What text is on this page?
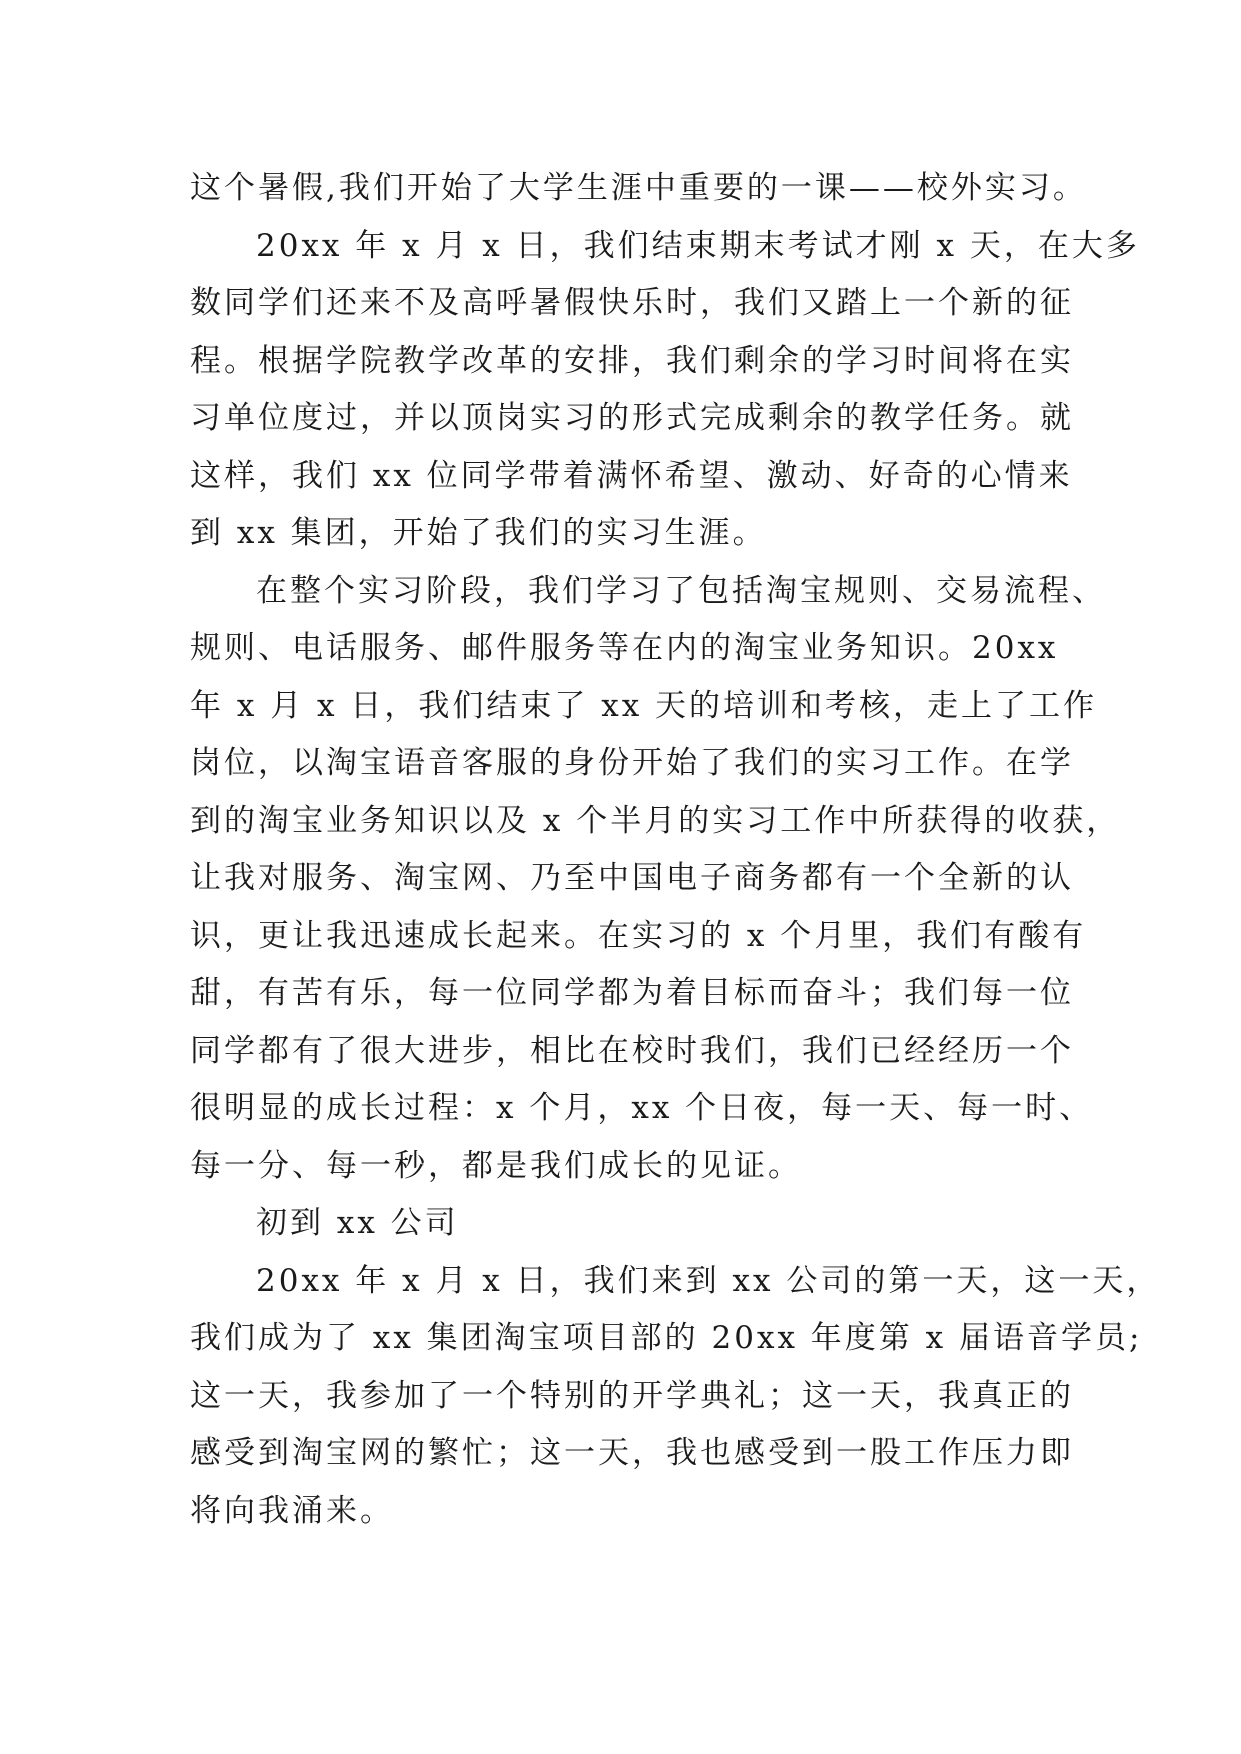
这个暑假,我们开始了大学生涯中重要的一课——校外实习。
20xx 年 x 月 x 日，我们结束期末考试才刚 x 天，在大多
数同学们还来不及高呼暑假快乐时，我们又踏上一个新的征
程。根据学院教学改革的安排，我们剩余的学习时间将在实
习单位度过，并以顶岗实习的形式完成剩余的教学任务。就
这样，我们 xx 位同学带着满怀希望、激动、好奇的心情来
到 xx 集团，开始了我们的实习生涯。
在整个实习阶段，我们学习了包括淘宝规则、交易流程、
规则、电话服务、邮件服务等在内的淘宝业务知识。20xx
年 x 月 x 日，我们结束了 xx 天的培训和考核，走上了工作
岗位，以淘宝语音客服的身份开始了我们的实习工作。在学
到的淘宝业务知识以及 x 个半月的实习工作中所获得的收获，
让我对服务、淘宝网、乃至中国电子商务都有一个全新的认
识，更让我迅速成长起来。在实习的 x 个月里，我们有酸有
甜，有苦有乐，每一位同学都为着目标而奋斗；我们每一位
同学都有了很大进步，相比在校时我们，我们已经经历一个
很明显的成长过程：x 个月，xx 个日夜，每一天、每一时、
每一分、每一秒，都是我们成长的见证。
初到 xx 公司
20xx 年 x 月 x 日，我们来到 xx 公司的第一天，这一天，
我们成为了 xx 集团淘宝项目部的 20xx 年度第 x 届语音学员;
这一天，我参加了一个特别的开学典礼；这一天，我真正的
感受到淘宝网的繁忙；这一天，我也感受到一股工作压力即
将向我涌来。
